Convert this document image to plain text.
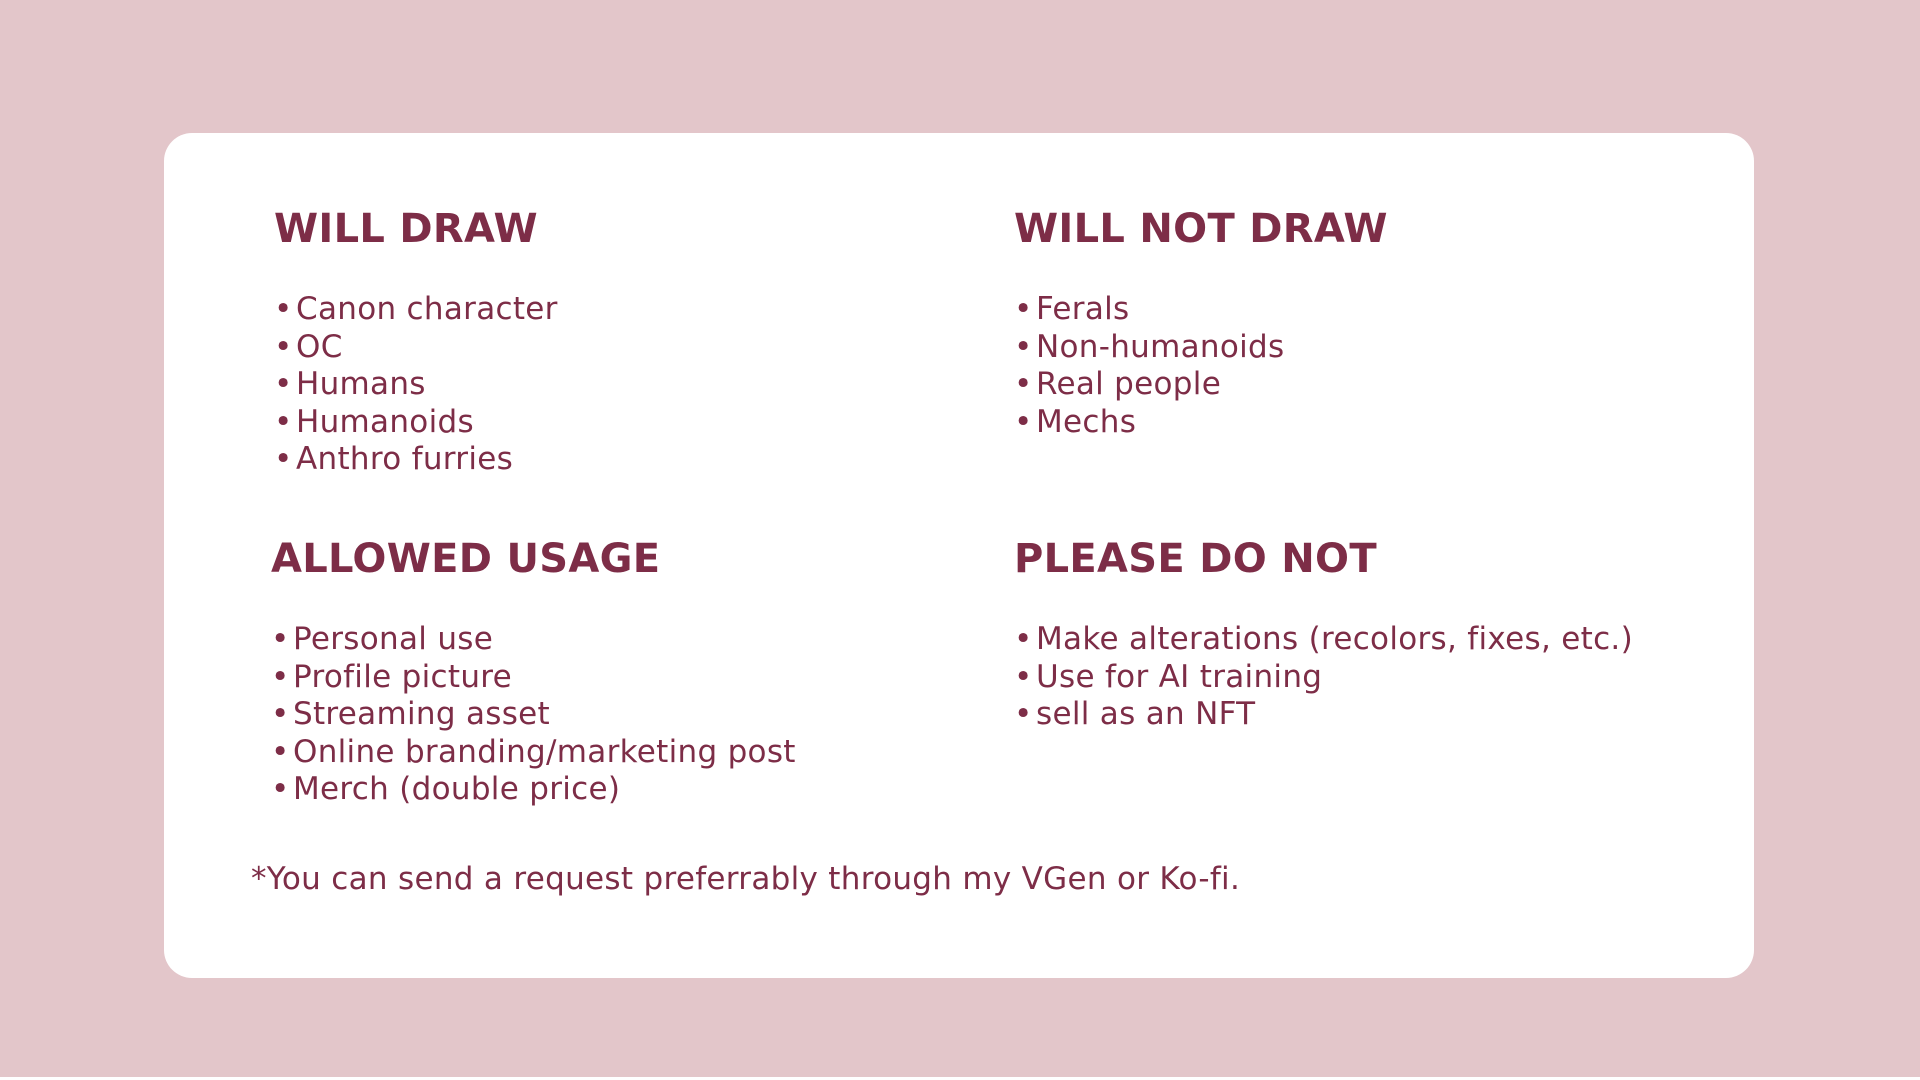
WILL DRAW
• Canon character
• OC
• Humans
• Humanoids
• Anthro furries
WILL NOT DRAW
• Ferals
• Non-humanoids
• Real people
• Mechs
ALLOWED USAGE
• Personal use
• Profile picture
• Streaming asset
• Online branding/marketing post
• Merch (double price)
PLEASE DO NOT
• Make alterations (recolors, fixes, etc.)
• Use for AI training
• sell as an NFT

*You can send a request preferrably through my VGen or Ko-fi.
